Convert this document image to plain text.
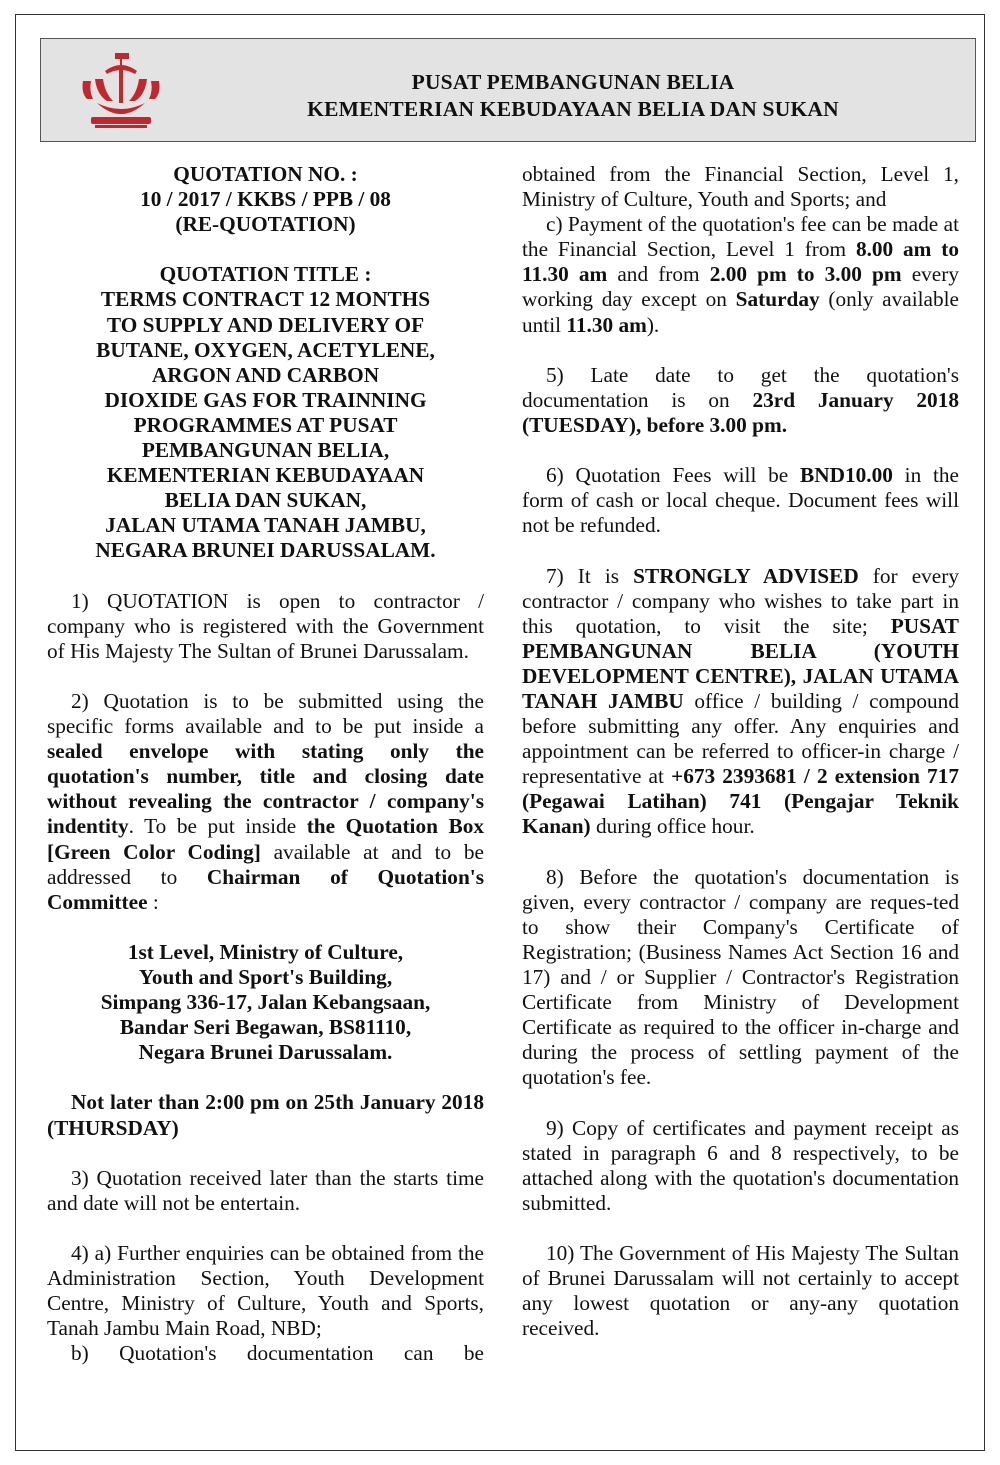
PUSAT PEMBANGUNAN BELIA
KEMENTERIAN KEBUDAYAAN BELIA DAN SUKAN

QUOTATION NO. :

10 / 2017 / KKBS / PPB / 08

(RE-QUOTATION)

QUOTATION TITLE :

TERMS CONTRACT 12 MONTHS

TO SUPPLY AND DELIVERY OF

BUTANE, OXYGEN, ACETYLENE,

ARGON AND CARBON

DIOXIDE GAS FOR TRAINNING

PROGRAMMES AT PUSAT

PEMBANGUNAN BELIA,

KEMENTERIAN KEBUDAYAAN

BELIA DAN SUKAN,

JALAN UTAMA TANAH JAMBU,

NEGARA BRUNEI DARUSSALAM.

1) QUOTATION is open to contractor / company who is registered with the Government of His Majesty The Sultan of Brunei Darussalam.

2) Quotation is to be submitted using the specific forms available and to be put inside a sealed envelope with stating only the quotation's number, title and closing date without revealing the contractor / company's indentity. To be put inside the Quotation Box [Green Color Coding] available at and to be addressed to Chairman of Quotation's Committee :

1st Level, Ministry of Culture,

Youth and Sport's Building,

Simpang 336-17, Jalan Kebangsaan,

Bandar Seri Begawan, BS81110,

Negara Brunei Darussalam.

Not later than 2:00 pm on 25th January 2018 (THURSDAY)

3) Quotation received later than the starts time and date will not be entertain.

4) a) Further enquiries can be obtained from the Administration Section, Youth Development Centre, Ministry of Culture, Youth and Sports, Tanah Jambu Main Road, NBD;

b) Quotation's documentation can be

obtained from the Financial Section, Level 1, Ministry of Culture, Youth and Sports; and

c) Payment of the quotation's fee can be made at the Financial Section, Level 1 from 8.00 am to 11.30 am and from 2.00 pm to 3.00 pm every working day except on Saturday (only available until 11.30 am).

5) Late date to get the quotation's documentation is on 23rd January 2018 (TUESDAY), before 3.00 pm.

6) Quotation Fees will be BND10.00 in the form of cash or local cheque. Document fees will not be refunded.

7) It is STRONGLY ADVISED for every contractor / company who wishes to take part in this quotation, to visit the site; PUSAT PEMBANGUNAN BELIA (YOUTH DEVELOPMENT CENTRE), JALAN UTAMA TANAH JAMBU office / building / compound before submitting any offer. Any enquiries and appointment can be referred to officer-in charge / representative at +673 2393681 / 2 extension 717 (Pegawai Latihan) 741 (Pengajar Teknik Kanan) during office hour.

8) Before the quotation's documentation is given, every contractor / company are reques-ted to show their Company's Certificate of Registration; (Business Names Act Section 16 and 17) and / or Supplier / Contractor's Registration Certificate from Ministry of Development Certificate as required to the officer in-charge and during the process of settling payment of the quotation's fee.

9) Copy of certificates and payment receipt as stated in paragraph 6 and 8 respectively, to be attached along with the quotation's documentation submitted.

10) The Government of His Majesty The Sultan of Brunei Darussalam will not certainly to accept any lowest quotation or any-any quotation received.
